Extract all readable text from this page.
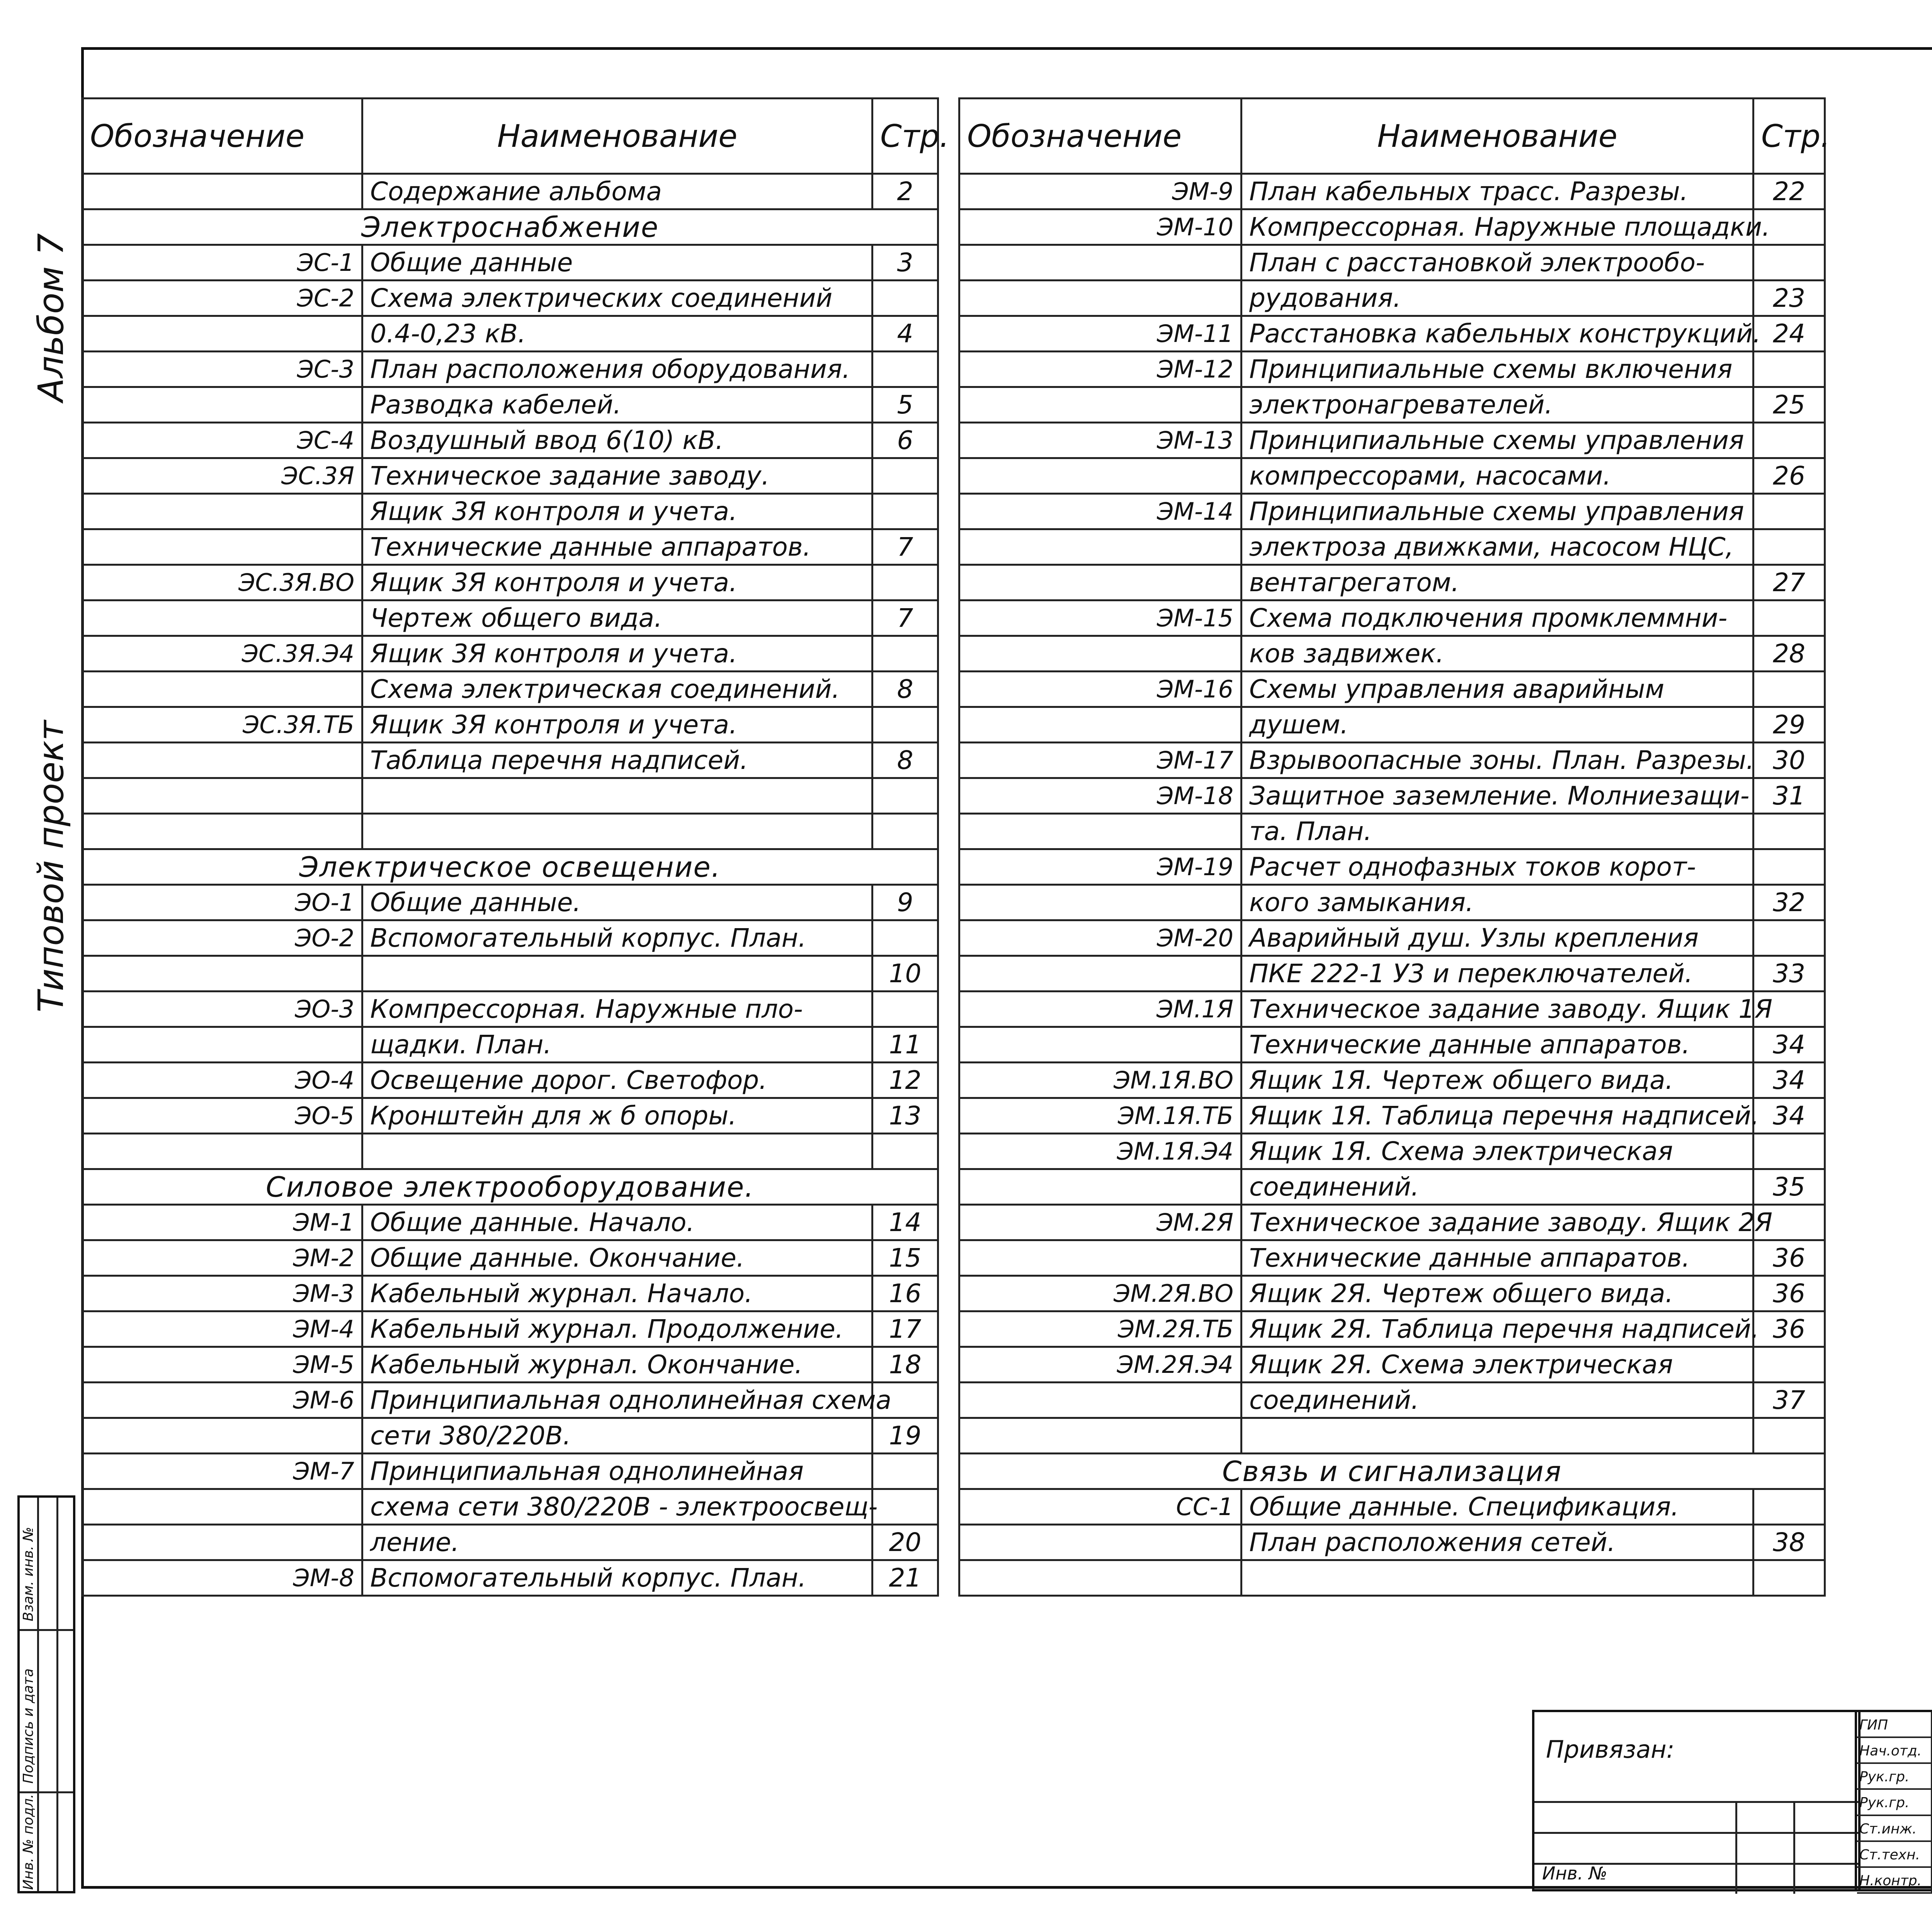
Альбом 7
Типовой проект
Инв. № подл.
Подпись и дата
Взам. инв. №
Обозначение	Наименование	Стр.
	Содержание альбома	2
Электроснабжение		
ЭС-1	Общие данные	3
ЭС-2	Схема электрических соединений	
	0.4-0,23 кВ.	4
ЭС-3	План расположения оборудования.	
	Разводка кабелей.	5
ЭС-4	Воздушный ввод 6(10) кВ.	6
ЭС.3Я	Техническое задание заводу.	
	Ящик 3Я контроля и учета.	
	Технические данные аппаратов.	7
ЭС.3Я.ВО	Ящик 3Я контроля и учета.	
	Чертеж общего вида.	7
ЭС.3Я.Э4	Ящик 3Я контроля и учета.	
	Схема электрическая соединений.	8
ЭС.3Я.ТБ	Ящик 3Я контроля и учета.	
	Таблица перечня надписей.	8

Электрическое освещение.		
ЭО-1	Общие данные.	9
ЭО-2	Вспомогательный корпус. План.	
		10
ЭО-3	Компрессорная. Наружные пло-	
	щадки. План.	11
ЭО-4	Освещение дорог. Светофор.	12
ЭО-5	Кронштейн для ж б опоры.	13

Силовое электрооборудование.		
ЭМ-1	Общие данные. Начало.	14
ЭМ-2	Общие данные. Окончание.	15
ЭМ-3	Кабельный журнал. Начало.	16
ЭМ-4	Кабельный журнал. Продолжение.	17
ЭМ-5	Кабельный журнал. Окончание.	18
ЭМ-6	Принципиальная однолинейная схема	
	сети 380/220В.	19
ЭМ-7	Принципиальная однолинейная	
	схема сети 380/220В - электроосвещ-	
	ление.	20
ЭМ-8	Вспомогательный корпус. План.	21
Обозначение	Наименование	Стр.
ЭМ-9	План кабельных трасс. Разрезы.	22
ЭМ-10	Компрессорная. Наружные площадки.	
	План с расстановкой электрообо-	
	рудования.	23
ЭМ-11	Расстановка кабельных конструкций.	24
ЭМ-12	Принципиальные схемы включения	
	электронагревателей.	25
ЭМ-13	Принципиальные схемы управления	
	компрессорами, насосами.	26
ЭМ-14	Принципиальные схемы управления	
	электроза движками, насосом НЦС,	
	вентагрегатом.	27
ЭМ-15	Схема подключения промклеммни-	
	ков задвижек.	28
ЭМ-16	Схемы управления аварийным	
	душем.	29
ЭМ-17	Взрывоопасные зоны. План. Разрезы.	30
ЭМ-18	Защитное заземление. Молниезащи-	31
	та. План.	
ЭМ-19	Расчет однофазных токов корот-	
	кого замыкания.	32
ЭМ-20	Аварийный душ. Узлы крепления	
	ПКЕ 222-1 У3 и переключателей.	33
ЭМ.1Я	Техническое задание заводу. Ящик 1Я	
	Технические данные аппаратов.	34
ЭМ.1Я.ВО	Ящик 1Я. Чертеж общего вида.	34
ЭМ.1Я.ТБ	Ящик 1Я. Таблица перечня надписей.	34
ЭМ.1Я.Э4	Ящик 1Я. Схема электрическая	
	соединений.	35
ЭМ.2Я	Техническое задание заводу. Ящик 2Я	
	Технические данные аппаратов.	36
ЭМ.2Я.ВО	Ящик 2Я. Чертеж общего вида.	36
ЭМ.2Я.ТБ	Ящик 2Я. Таблица перечня надписей.	36
ЭМ.2Я.Э4	Ящик 2Я. Схема электрическая	
	соединений.	37

Связь и сигнализация		
СС-1	Общие данные. Спецификация.	
	План расположения сетей.	38

Привязан:
Инв. №
ГИП
Нач.отд.
Рук.гр.
Рук.гр.
Ст.инж.
Ст.техн.
Н.контр.
